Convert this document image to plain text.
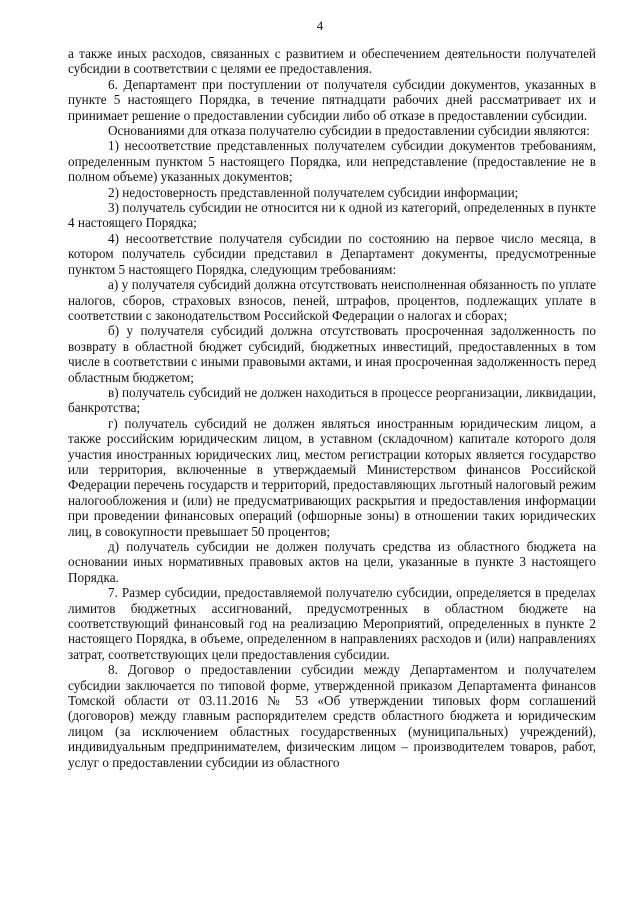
4

а также иных расходов, связанных с развитием и обеспечением деятельности получателей субсидии в соответствии с целями ее предоставления.

6. Департамент при поступлении от получателя субсидии документов, указанных в пункте 5 настоящего Порядка, в течение пятнадцати рабочих дней рассматривает их и принимает решение о предоставлении субсидии либо об отказе в предоставлении субсидии.

Основаниями для отказа получателю субсидии в предоставлении субсидии являются:

1) несоответствие представленных получателем субсидии документов требованиям, определенным пунктом 5 настоящего Порядка, или непредставление (предоставление не в полном объеме) указанных документов;

2) недостоверность представленной получателем субсидии информации;

3) получатель субсидии не относится ни к одной из категорий, определенных в пункте 4 настоящего Порядка;

4) несоответствие получателя субсидии по состоянию на первое число месяца, в котором получатель субсидии представил в Департамент документы, предусмотренные пунктом 5 настоящего Порядка, следующим требованиям:

а) у получателя субсидий должна отсутствовать неисполненная обязанность по уплате налогов, сборов, страховых взносов, пеней, штрафов, процентов, подлежащих уплате в соответствии с законодательством Российской Федерации о налогах и сборах;

б) у получателя субсидий должна отсутствовать просроченная задолженность по возврату в областной бюджет субсидий, бюджетных инвестиций, предоставленных в том числе в соответствии с иными правовыми актами, и иная просроченная задолженность перед областным бюджетом;

в) получатель субсидий не должен находиться в процессе реорганизации, ликвидации, банкротства;

г) получатель субсидий не должен являться иностранным юридическим лицом, а также российским юридическим лицом, в уставном (складочном) капитале которого доля участия иностранных юридических лиц, местом регистрации которых является государство или территория, включенные в утверждаемый Министерством финансов Российской Федерации перечень государств и территорий, предоставляющих льготный налоговый режим налогообложения и (или) не предусматривающих раскрытия и предоставления информации при проведении финансовых операций (офшорные зоны) в отношении таких юридических лиц, в совокупности превышает 50 процентов;

д) получатель субсидии не должен получать средства из областного бюджета на основании иных нормативных правовых актов на цели, указанные в пункте 3 настоящего Порядка.

7. Размер субсидии, предоставляемой получателю субсидии, определяется в пределах лимитов бюджетных ассигнований, предусмотренных в областном бюджете на соответствующий финансовый год на реализацию Мероприятий, определенных в пункте 2 настоящего Порядка, в объеме, определенном в направлениях расходов и (или) направлениях затрат, соответствующих цели предоставления субсидии.

8. Договор о предоставлении субсидии между Департаментом и получателем субсидии заключается по типовой форме, утвержденной приказом Департамента финансов Томской области от 03.11.2016 № 53 «Об утверждении типовых форм соглашений (договоров) между главным распорядителем средств областного бюджета и юридическим лицом (за исключением областных государственных (муниципальных) учреждений), индивидуальным предпринимателем, физическим лицом – производителем товаров, работ, услуг о предоставлении субсидии из областного
